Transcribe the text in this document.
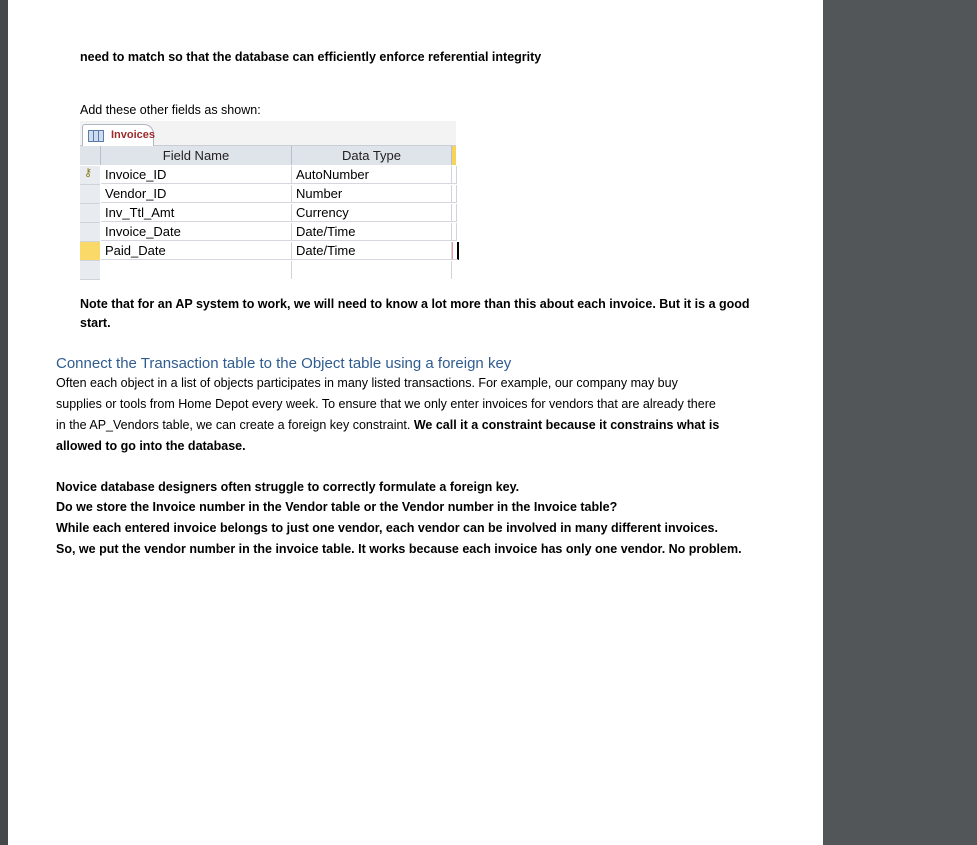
need to match so that the database can efficiently enforce referential integrity
Add these other fields as shown:
Invoices
Field Name	Data Type
⚷ Invoice_ID	AutoNumber
Vendor_ID	Number
Inv_Ttl_Amt	Currency
Invoice_Date	Date/Time
Paid_Date	Date/Time
Note that for an AP system to work, we will need to know a lot more than this about each invoice. But it is a good
start.
Connect the Transaction table to the Object table using a foreign key
Often each object in a list of objects participates in many listed transactions. For example, our company may buy
supplies or tools from Home Depot every week. To ensure that we only enter invoices for vendors that are already there
in the AP_Vendors table, we can create a foreign key constraint. We call it a constraint because it constrains what is
allowed to go into the database.
Novice database designers often struggle to correctly formulate a foreign key.
Do we store the Invoice number in the Vendor table or the Vendor number in the Invoice table?
While each entered invoice belongs to just one vendor, each vendor can be involved in many different invoices.
So, we put the vendor number in the invoice table. It works because each invoice has only one vendor. No problem.
